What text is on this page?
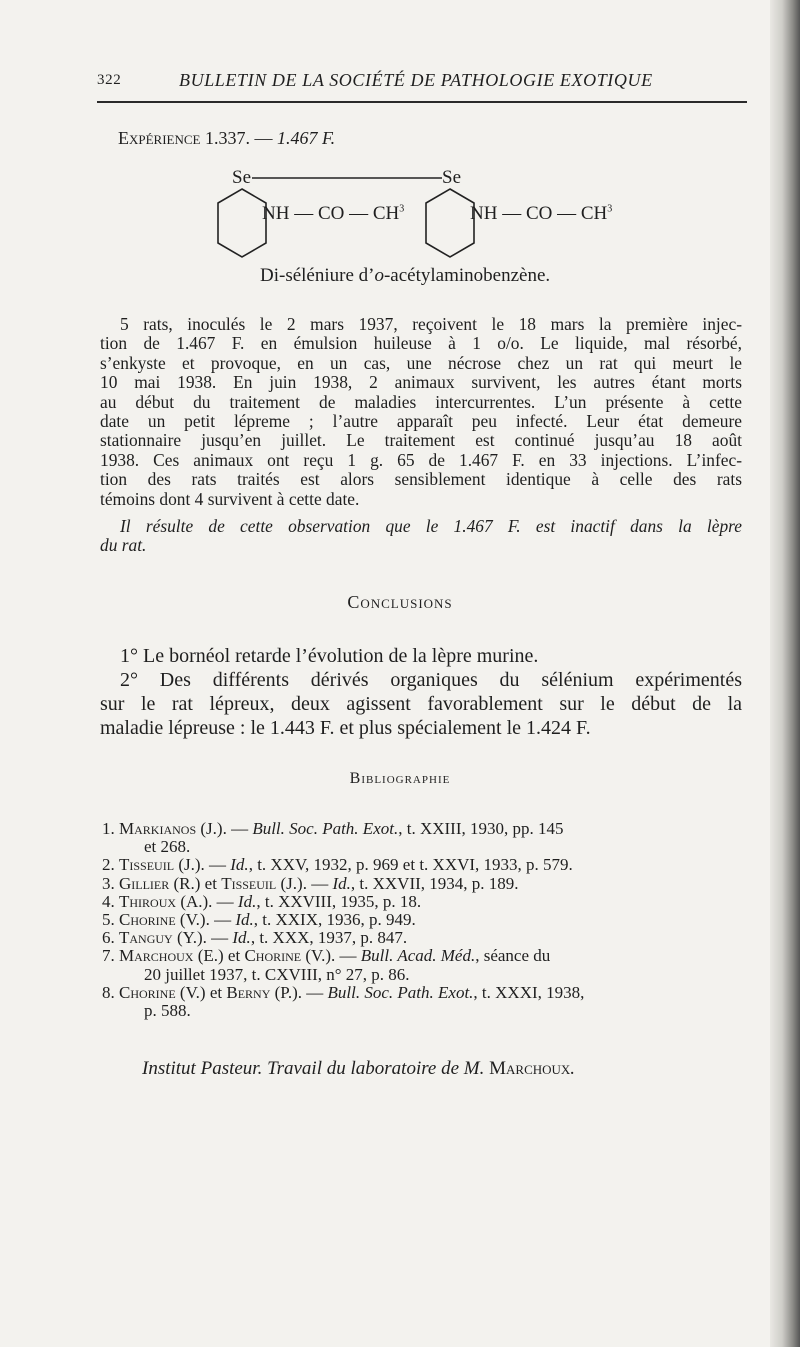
322	BULLETIN DE LA SOCIÉTÉ DE PATHOLOGIE EXOTIQUE
Expérience 1.337. — 1.467 F.
Se	Se
NH — CO — $CH^3$	NH — CO — $CH^3$
Di-séléniure d’o-acétylaminobenzène.
5 rats, inoculés le 2 mars 1937, reçoivent le 18 mars la première injec-
tion de 1.467 F. en émulsion huileuse à 1 o/o. Le liquide, mal résorbé,
s’enkyste et provoque, en un cas, une nécrose chez un rat qui meurt le
10 mai 1938. En juin 1938, 2 animaux survivent, les autres étant morts
au début du traitement de maladies intercurrentes. L’un présente à cette
date un petit lépreme ; l’autre apparaît peu infecté. Leur état demeure
stationnaire jusqu’en juillet. Le traitement est continué jusqu’au 18 août
1938. Ces animaux ont reçu 1 g. 65 de 1.467 F. en 33 injections. L’infec-
tion des rats traités est alors sensiblement identique à celle des rats
témoins dont 4 survivent à cette date.
Il résulte de cette observation que le 1.467 F. est inactif dans la lèpre
du rat.
Conclusions
1° Le bornéol retarde l’évolution de la lèpre murine.
2° Des différents dérivés organiques du sélénium expérimentés
sur le rat lépreux, deux agissent favorablement sur le début de la
maladie lépreuse : le 1.443 F. et plus spécialement le 1.424 F.
Bibliographie
1. Markianos (J.). — Bull. Soc. Path. Exot., t. XXIII, 1930, pp. 145
et 268.
2. Tisseuil (J.). — Id., t. XXV, 1932, p. 969 et t. XXVI, 1933, p. 579.
3. Gillier (R.) et Tisseuil (J.). — Id., t. XXVII, 1934, p. 189.
4. Thiroux (A.). — Id., t. XXVIII, 1935, p. 18.
5. Chorine (V.). — Id., t. XXIX, 1936, p. 949.
6. Tanguy (Y.). — Id., t. XXX, 1937, p. 847.
7. Marchoux (E.) et Chorine (V.). — Bull. Acad. Méd., séance du
20 juillet 1937, t. CXVIII, n° 27, p. 86.
8. Chorine (V.) et Berny (P.). — Bull. Soc. Path. Exot., t. XXXI, 1938,
p. 588.
Institut Pasteur. Travail du laboratoire de M. Marchoux.
